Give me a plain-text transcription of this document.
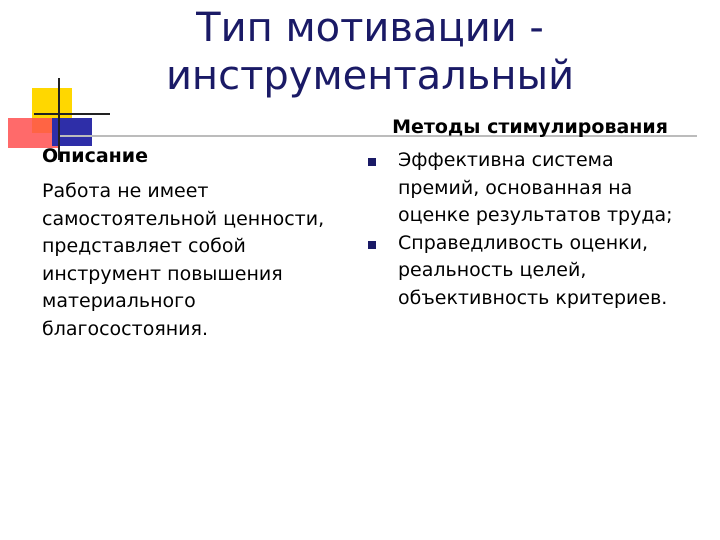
Тип мотивации -
инструментальный
Описание
Работа не имеет самостоятельной ценности, представляет собой инструмент повышения материального благосостояния.
Методы стимулирования
Эффективна система премий, основанная на оценке результатов труда;
Справедливость оценки, реальность целей, объективность критериев.
